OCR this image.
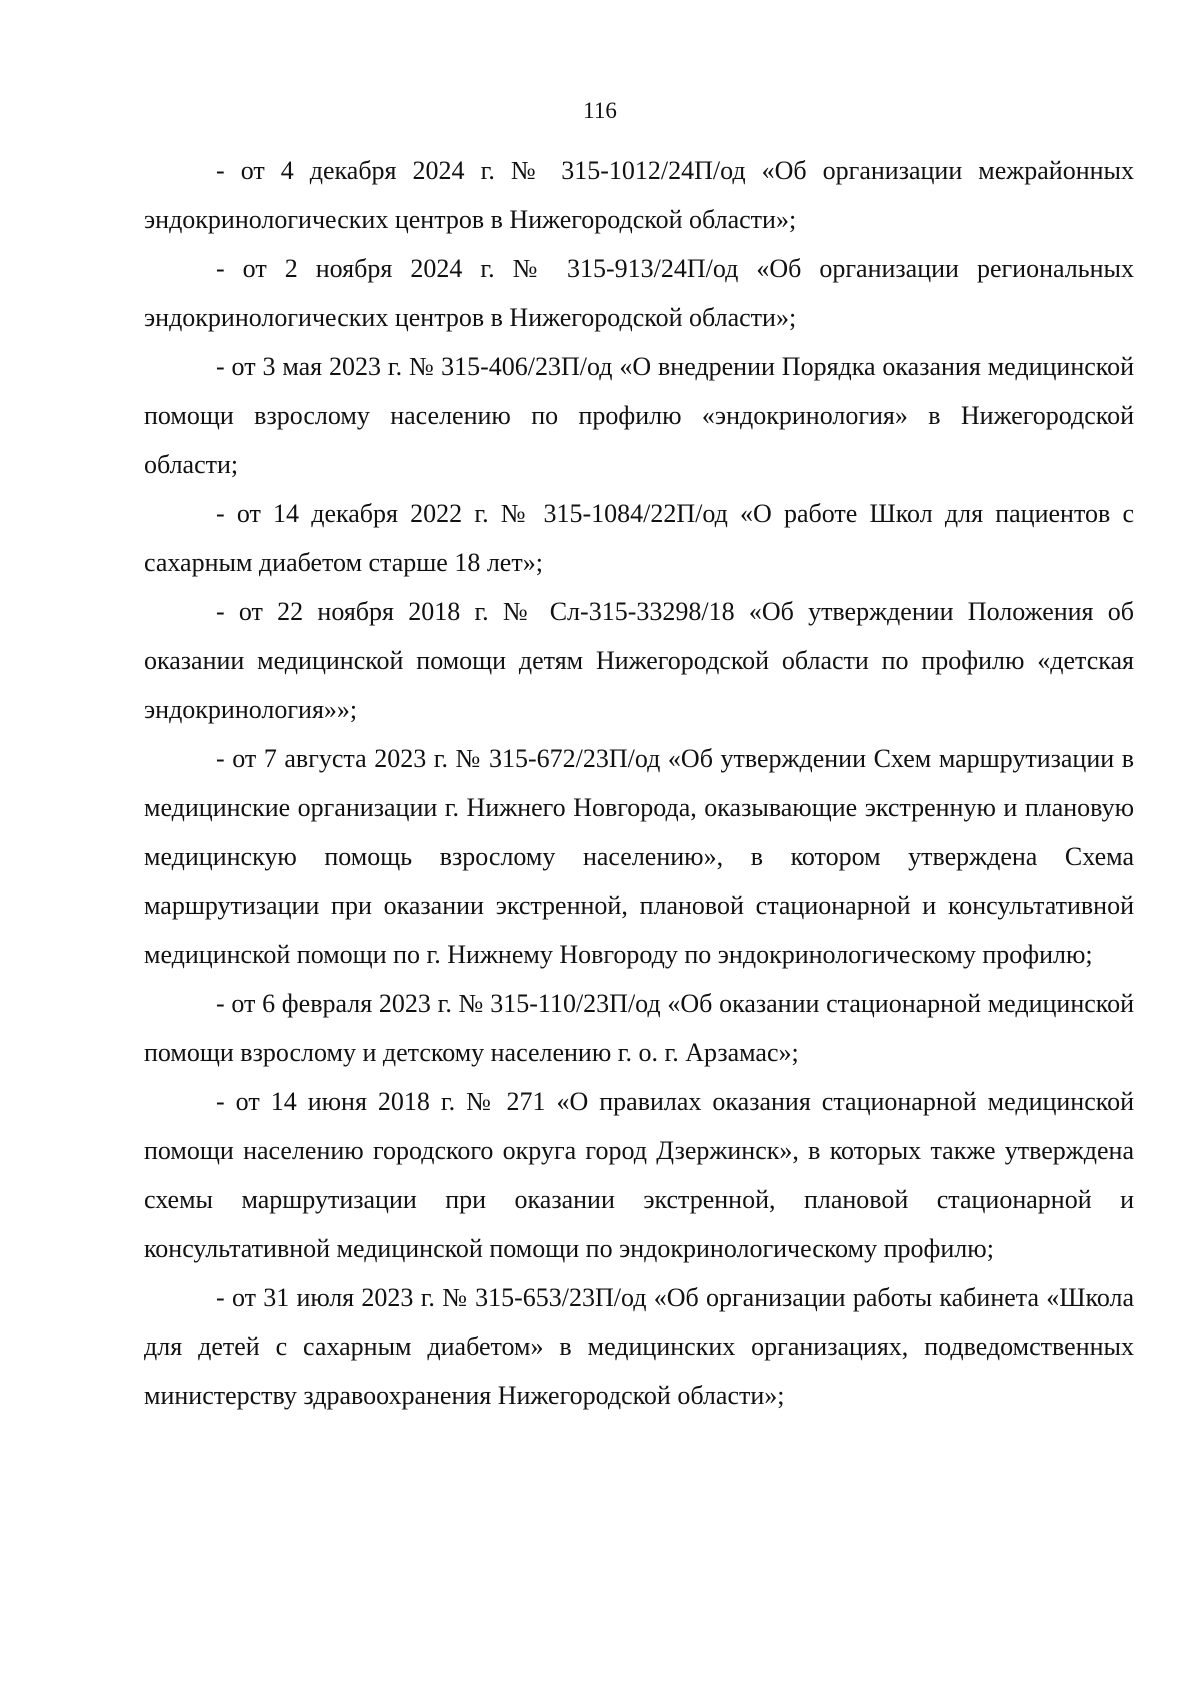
116

- от 4 декабря 2024 г. № 315-1012/24П/од «Об организации межрайонных эндокринологических центров в Нижегородской области»;

- от 2 ноября 2024 г. № 315-913/24П/од «Об организации региональных эндокринологических центров в Нижегородской области»;

- от 3 мая 2023 г. № 315-406/23П/од «О внедрении Порядка оказания медицинской помощи взрослому населению по профилю «эндокринология» в Нижегородской области;

- от 14 декабря 2022 г. № 315-1084/22П/од «О работе Школ для пациентов с сахарным диабетом старше 18 лет»;

- от 22 ноября 2018 г. № Сл-315-33298/18 «Об утверждении Положения об оказании медицинской помощи детям Нижегородской области по профилю «детская эндокринология»»;

- от 7 августа 2023 г. № 315-672/23П/од «Об утверждении Схем маршрутизации в медицинские организации г. Нижнего Новгорода, оказывающие экстренную и плановую медицинскую помощь взрослому населению», в котором утверждена Схема маршрутизации при оказании экстренной, плановой стационарной и консультативной медицинской помощи по г. Нижнему Новгороду по эндокринологическому профилю;

- от 6 февраля 2023 г. № 315-110/23П/од «Об оказании стационарной медицинской помощи взрослому и детскому населению г. о. г. Арзамас»;

- от 14 июня 2018 г. № 271 «О правилах оказания стационарной медицинской помощи населению городского округа город Дзержинск», в которых также утверждена схемы маршрутизации при оказании экстренной, плановой стационарной и консультативной медицинской помощи по эндокринологическому профилю;

- от 31 июля 2023 г. № 315-653/23П/од «Об организации работы кабинета «Школа для детей с сахарным диабетом» в медицинских организациях, подведомственных министерству здравоохранения Нижегородской области»;
